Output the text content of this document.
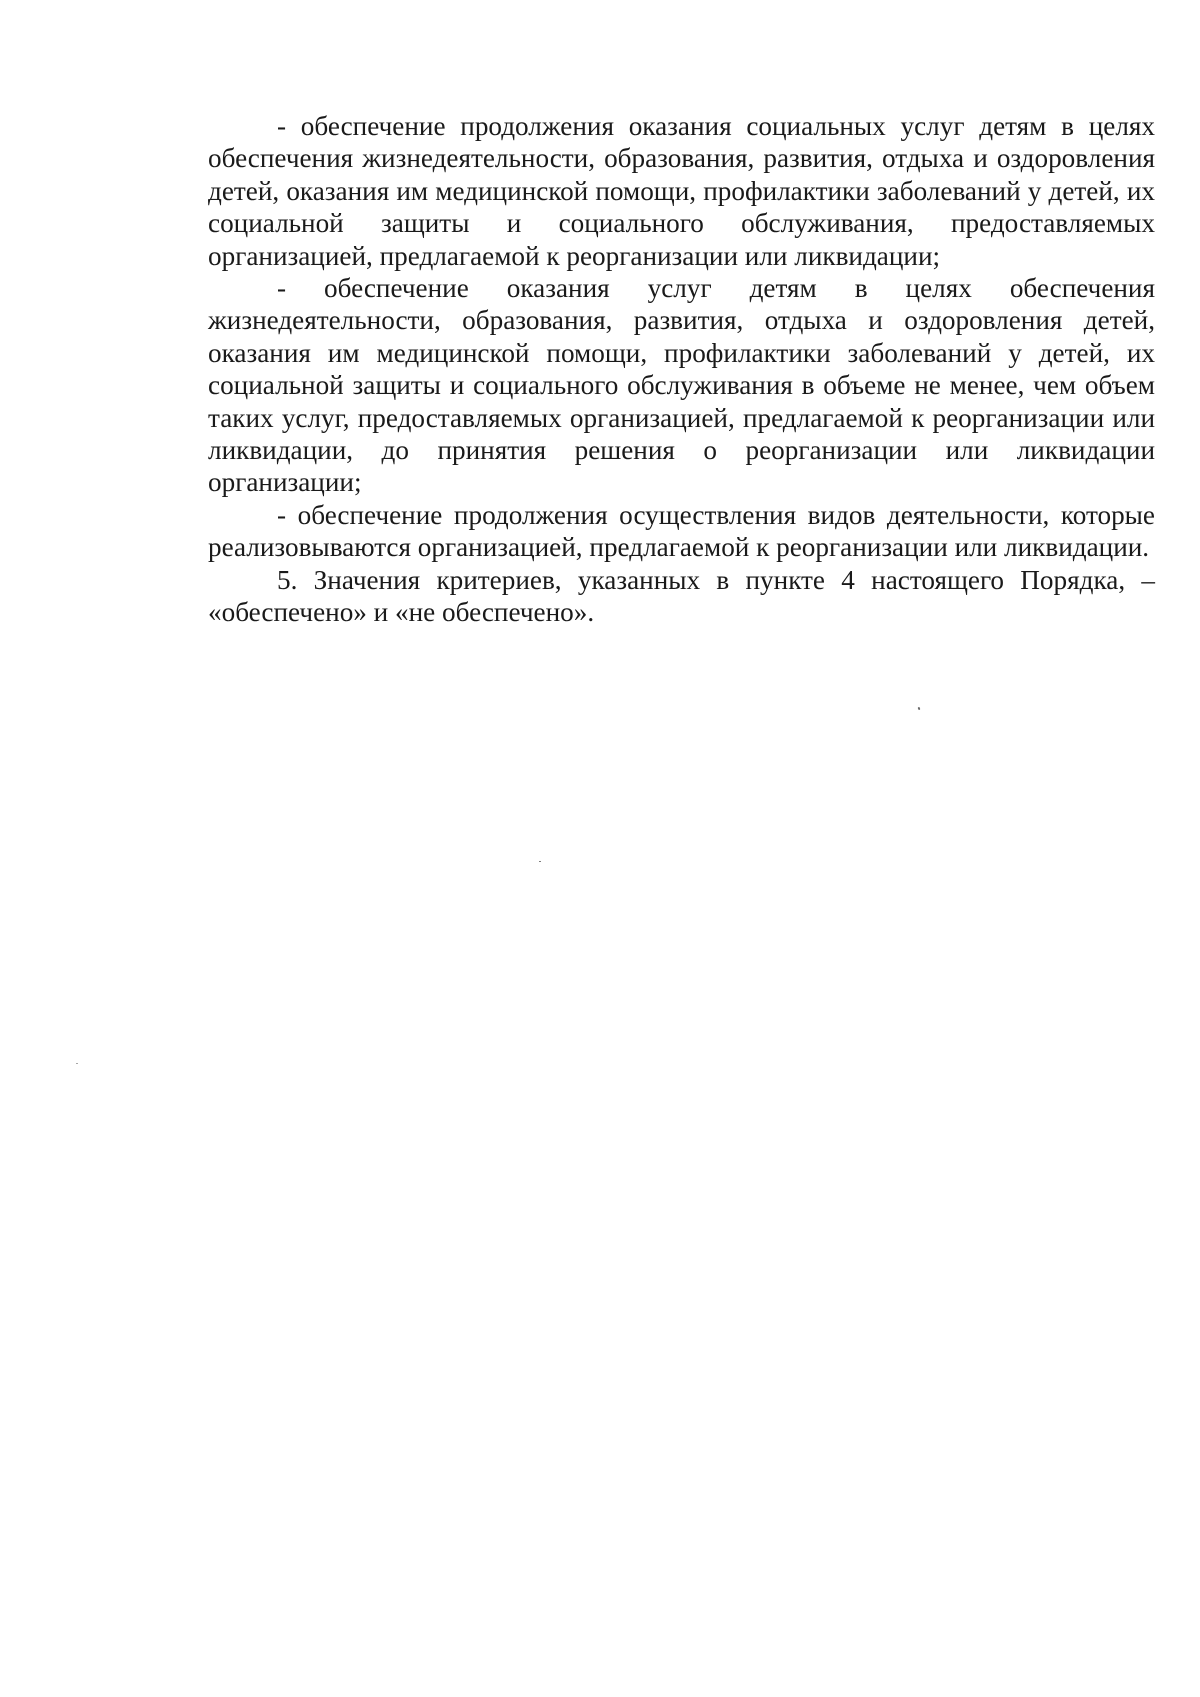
- обеспечение продолжения оказания социальных услуг детям в целях обеспечения жизнедеятельности, образования, развития, отдыха и оздоровления детей, оказания им медицинской помощи, профилактики заболеваний у детей, их социальной защиты и социального обслуживания, предоставляемых организацией, предлагаемой к реорганизации или ликвидации;

- обеспечение оказания услуг детям в целях обеспечения жизнедеятельности, образования, развития, отдыха и оздоровления детей, оказания им медицинской помощи, профилактики заболеваний у детей, их социальной защиты и социального обслуживания в объеме не менее, чем объем таких услуг, предоставляемых организацией, предлагаемой к реорганизации или ликвидации, до принятия решения о реорганизации или ликвидации организации;

- обеспечение продолжения осуществления видов деятельности, которые реализовываются организацией, предлагаемой к реорганизации или ликвидации.

5. Значения критериев, указанных в пункте 4 настоящего Порядка, – «обеспечено» и «не обеспечено».
